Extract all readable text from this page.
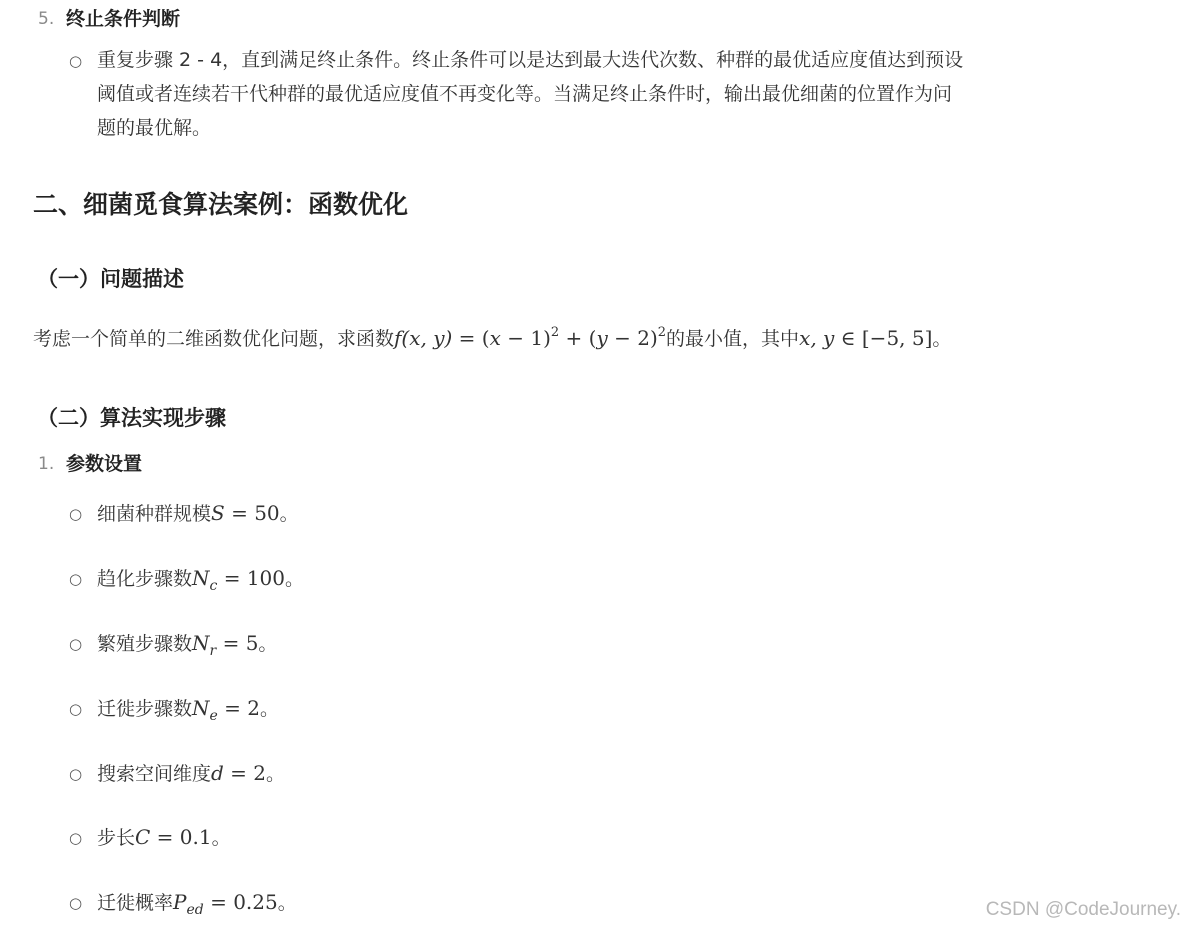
5. 终止条件判断
○ 重复步骤 2 - 4，直到满足终止条件。终止条件可以是达到最大迭代次数、种群的最优适应度值达到预设
阈值或者连续若干代种群的最优适应度值不再变化等。当满足终止条件时，输出最优细菌的位置作为问
题的最优解。
二、细菌觅食算法案例：函数优化
（一）问题描述
考虑一个简单的二维函数优化问题，求函数f(x, $y) = (x - 1)^2 + (y - 2)^2$的最小值，其中x, y ∈ [−5, 5]。
（二）算法实现步骤
1. 参数设置
○ 细菌种群规模S = 50。
○ 趋化步骤数$N_c = 100$。
○ 繁殖步骤数$N_r = 5$。
○ 迁徙步骤数$N_e = 2$。
○ 搜索空间维度d = 2。
○ 步长C = 0.1。
○ 迁徙概率$P_{ed} = 0.25$。	CSDN @CodeJourney.
